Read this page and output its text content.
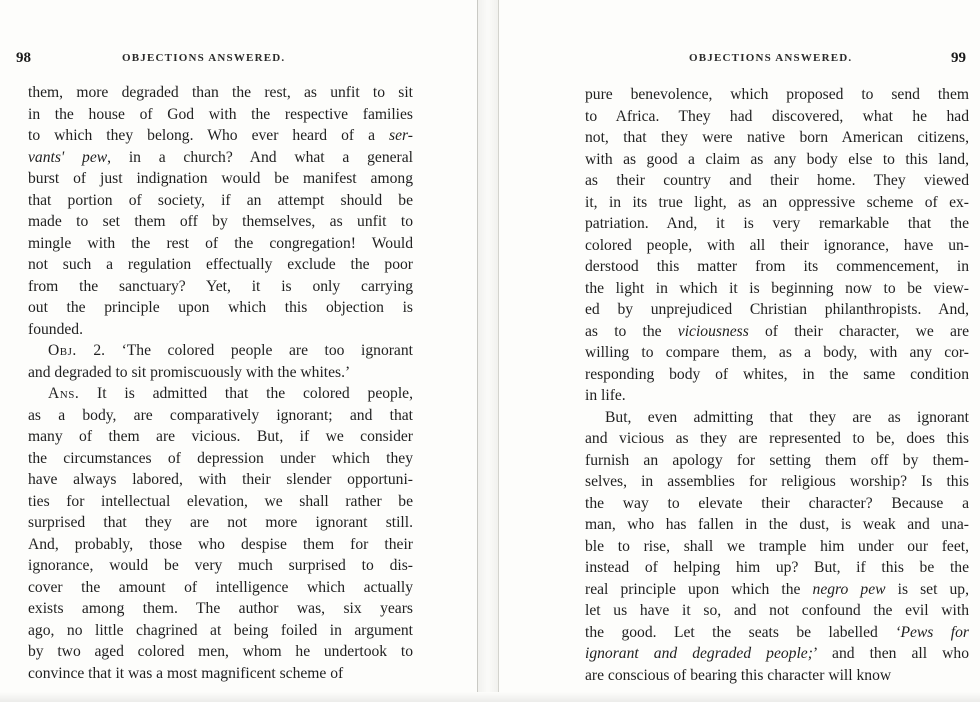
98	OBJECTIONS ANSWERED.
them, more degraded than the rest, as unfit to sit
in the house of God with the respective families
to which they belong. Who ever heard of a ser-
vants' pew, in a church? And what a general
burst of just indignation would be manifest among
that portion of society, if an attempt should be
made to set them off by themselves, as unfit to
mingle with the rest of the congregation! Would
not such a regulation effectually exclude the poor
from the sanctuary? Yet, it is only carrying
out the principle upon which this objection is
founded.
Obj. 2. ‘The colored people are too ignorant
and degraded to sit promiscuously with the whites.’
Ans. It is admitted that the colored people,
as a body, are comparatively ignorant; and that
many of them are vicious. But, if we consider
the circumstances of depression under which they
have always labored, with their slender opportuni-
ties for intellectual elevation, we shall rather be
surprised that they are not more ignorant still.
And, probably, those who despise them for their
ignorance, would be very much surprised to dis-
cover the amount of intelligence which actually
exists among them. The author was, six years
ago, no little chagrined at being foiled in argument
by two aged colored men, whom he undertook to
convince that it was a most magnificent scheme of
OBJECTIONS ANSWERED.	99
pure benevolence, which proposed to send them
to Africa. They had discovered, what he had
not, that they were native born American citizens,
with as good a claim as any body else to this land,
as their country and their home. They viewed
it, in its true light, as an oppressive scheme of ex-
patriation. And, it is very remarkable that the
colored people, with all their ignorance, have un-
derstood this matter from its commencement, in
the light in which it is beginning now to be view-
ed by unprejudiced Christian philanthropists. And,
as to the viciousness of their character, we are
willing to compare them, as a body, with any cor-
responding body of whites, in the same condition
in life.
But, even admitting that they are as ignorant
and vicious as they are represented to be, does this
furnish an apology for setting them off by them-
selves, in assemblies for religious worship? Is this
the way to elevate their character? Because a
man, who has fallen in the dust, is weak and una-
ble to rise, shall we trample him under our feet,
instead of helping him up? But, if this be the
real principle upon which the negro pew is set up,
let us have it so, and not confound the evil with
the good. Let the seats be labelled ‘Pews for
ignorant and degraded people;’ and then all who
are conscious of bearing this character will know
